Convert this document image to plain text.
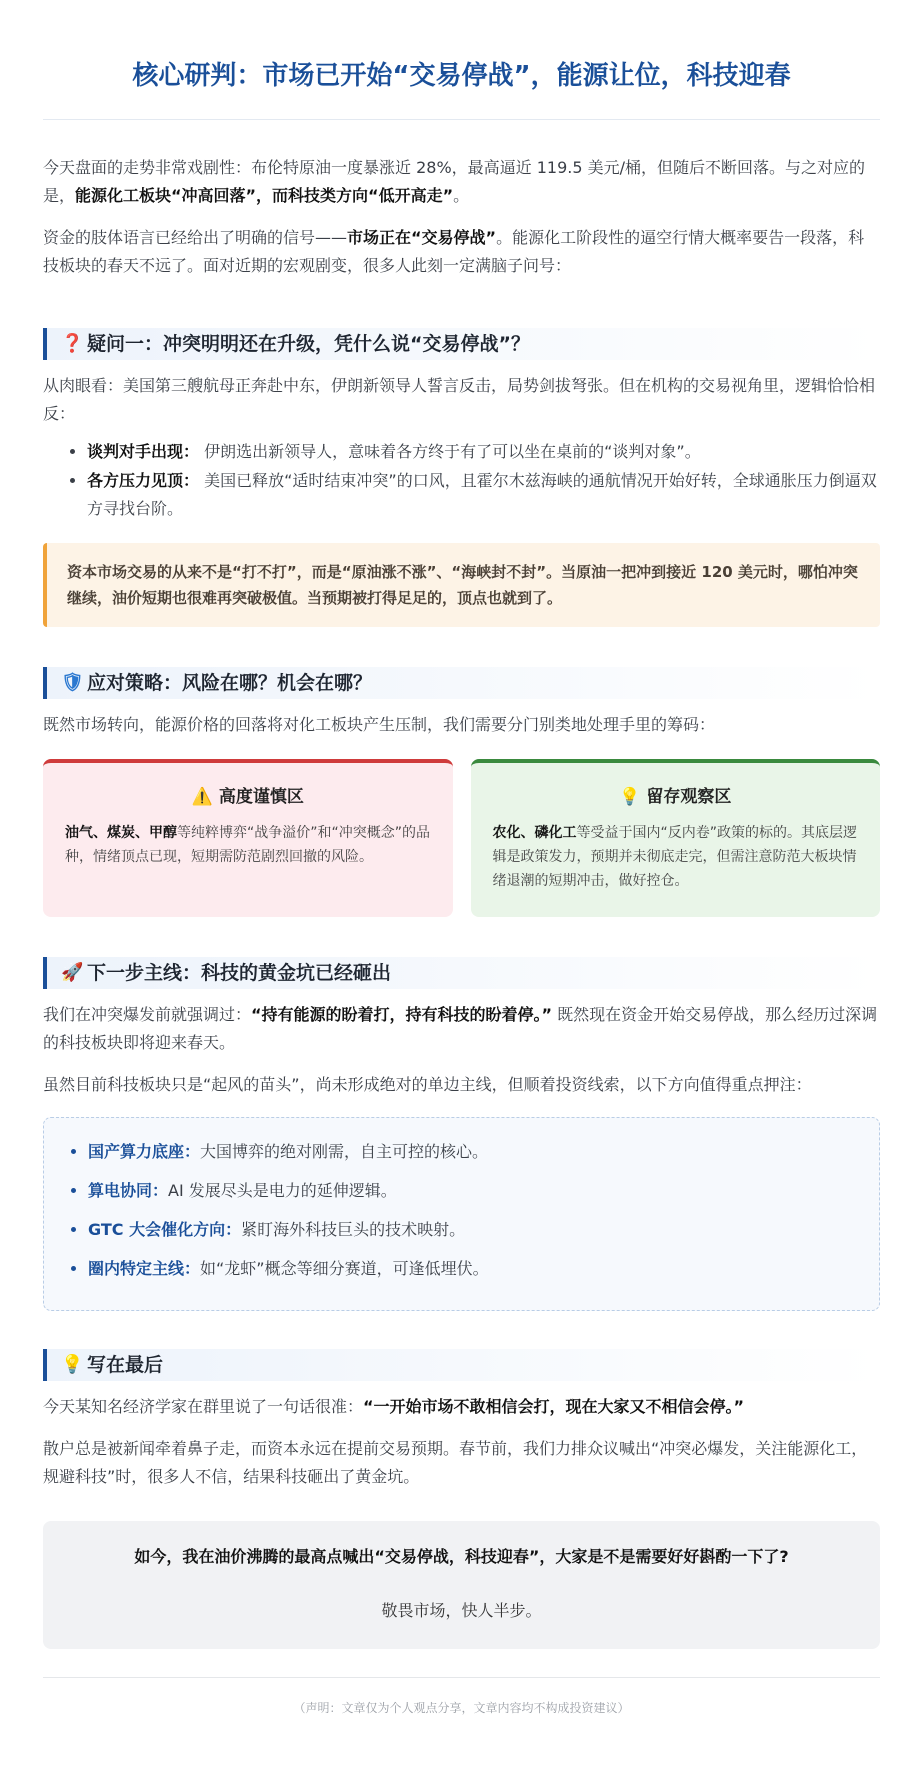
核心研判：市场已开始“交易停战”，能源让位，科技迎春

今天盘面的走势非常戏剧性：布伦特原油一度暴涨近 28%，最高逼近 119.5 美元/桶，但随后不断回落。与之对应的是，能源化工板块“冲高回落”，而科技类方向“低开高走”。

资金的肢体语言已经给出了明确的信号——市场正在“交易停战”。能源化工阶段性的逼空行情大概率要告一段落，科技板块的春天不远了。面对近期的宏观剧变，很多人此刻一定满脑子问号：

❓ 疑问一：冲突明明还在升级，凭什么说“交易停战”？

从肉眼看：美国第三艘航母正奔赴中东，伊朗新领导人誓言反击，局势剑拔弩张。但在机构的交易视角里，逻辑恰恰相反：

• 谈判对手出现： 伊朗选出新领导人，意味着各方终于有了可以坐在桌前的“谈判对象”。
• 各方压力见顶： 美国已释放“适时结束冲突”的口风，且霍尔木兹海峡的通航情况开始好转，全球通胀压力倒逼双方寻找台阶。
资本市场交易的从来不是“打不打”，而是“原油涨不涨”、“海峡封不封”。当原油一把冲到接近 120 美元时，哪怕冲突继续，油价短期也很难再突破极值。当预期被打得足足的，顶点也就到了。
🛡 应对策略：风险在哪？机会在哪？

既然市场转向，能源价格的回落将对化工板块产生压制，我们需要分门别类地处理手里的筹码：

⚠️ 高度谨慎区
油气、煤炭、甲醇等纯粹博弈“战争溢价”和“冲突概念”的品种，情绪顶点已现，短期需防范剧烈回撤的风险。
💡 留存观察区
农化、磷化工等受益于国内“反内卷”政策的标的。其底层逻辑是政策发力，预期并未彻底走完，但需注意防范大板块情绪退潮的短期冲击，做好控仓。
🚀 下一步主线：科技的黄金坑已经砸出

我们在冲突爆发前就强调过：“持有能源的盼着打，持有科技的盼着停。” 既然现在资金开始交易停战，那么经历过深调的科技板块即将迎来春天。

虽然目前科技板块只是“起风的苗头”，尚未形成绝对的单边主线，但顺着投资线索，以下方向值得重点押注：

• 国产算力底座：大国博弈的绝对刚需，自主可控的核心。
• 算电协同：AI 发展尽头是电力的延伸逻辑。
• GTC 大会催化方向：紧盯海外科技巨头的技术映射。
• 圈内特定主线：如“龙虾”概念等细分赛道，可逢低埋伏。
💡 写在最后

今天某知名经济学家在群里说了一句话很准：“一开始市场不敢相信会打，现在大家又不相信会停。”

散户总是被新闻牵着鼻子走，而资本永远在提前交易预期。春节前，我们力排众议喊出“冲突必爆发，关注能源化工，规避科技”时，很多人不信，结果科技砸出了黄金坑。

如今，我在油价沸腾的最高点喊出“交易停战，科技迎春”，大家是不是需要好好斟酌一下了?
敬畏市场，快人半步。
（声明：文章仅为个人观点分享，文章内容均不构成投资建议）
